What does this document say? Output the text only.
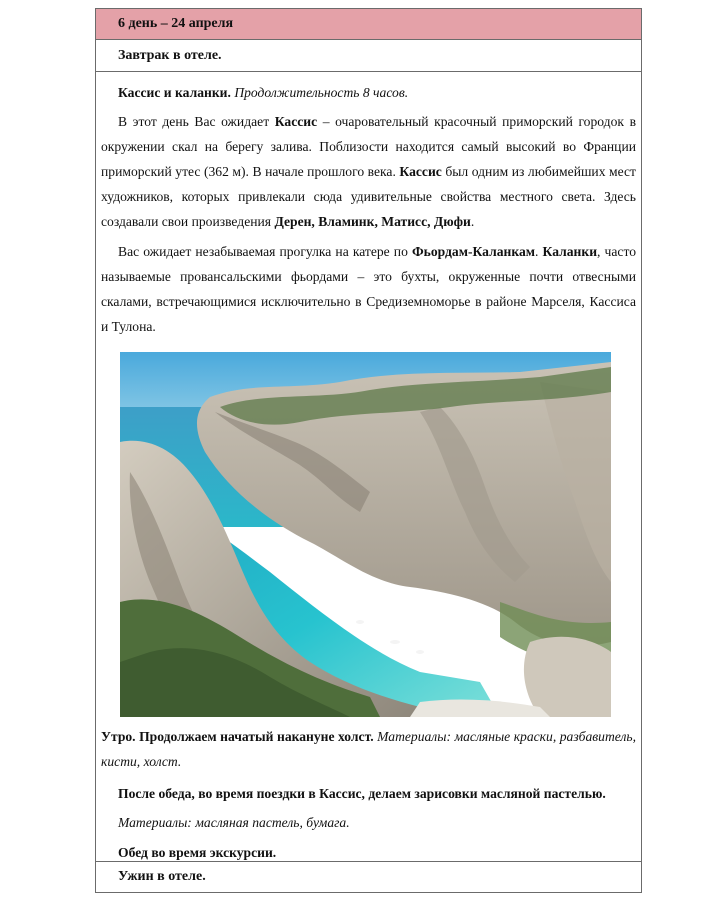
6 день – 24 апреля
Завтрак в отеле.
Кассис и каланки. Продолжительность 8 часов.
В этот день Вас ожидает Кассис – очаровательный красочный приморский городок в окружении скал на берегу залива. Поблизости находится самый высокий во Франции приморский утес (362 м). В начале прошлого века. Кассис был одним из любимейших мест художников, которых привлекали сюда удивительные свойства местного света. Здесь создавали свои произведения Дерен, Вламинк, Матисс, Дюфи.
Вас ожидает незабываемая прогулка на катере по Фьордам-Каланкам. Каланки, часто называемые провансальскими фьордами – это бухты, окруженные почти отвесными скалами, встречающимися исключительно в Средиземноморье в районе Марселя, Кассиса и Тулона.
Утро. Продолжаем начатый накануне холст. Материалы: масляные краски, разбавитель, кисти, холст.
После обеда, во время поездки в Кассис, делаем зарисовки масляной пастелью.
Материалы: масляная пастель, бумага.
Обед во время экскурсии.
Ужин в отеле.
